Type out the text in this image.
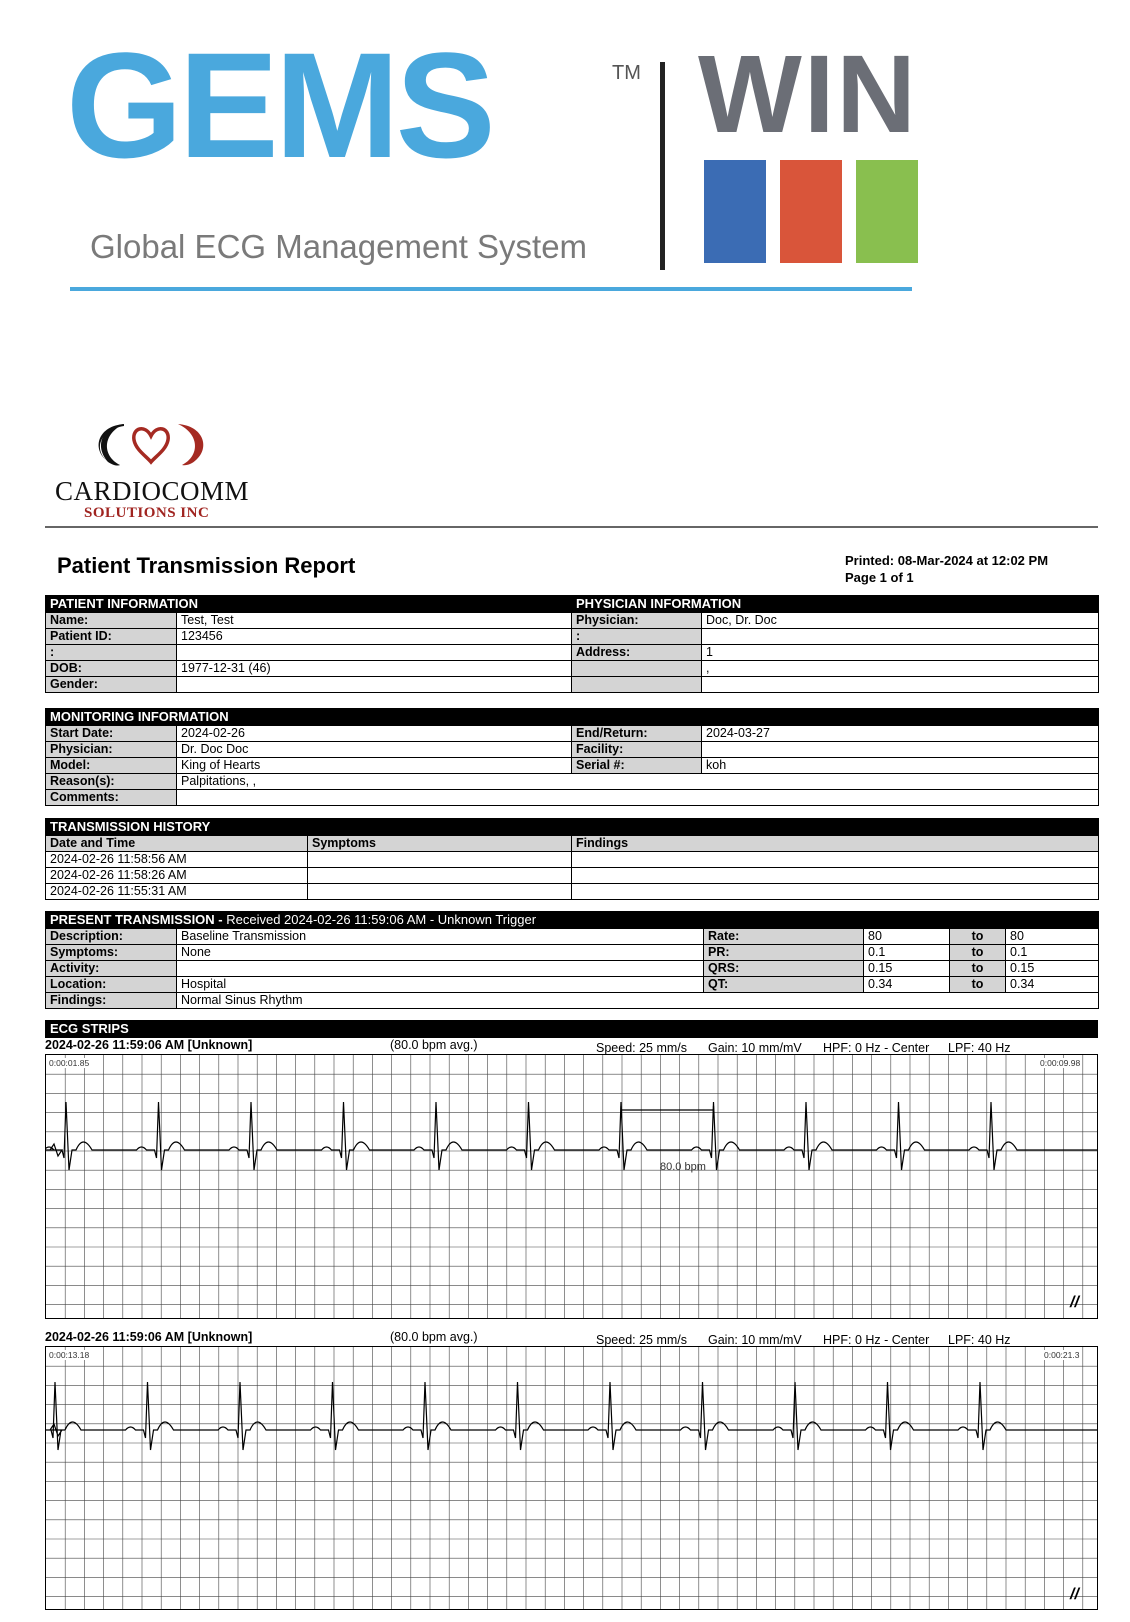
GEMS	TM
Global ECG Management System
WIN
CARDIOCOMM
SOLUTIONS INC
Patient Transmission Report	Printed: 08-Mar-2024 at 12:02 PM
Page 1 of 1
PATIENT INFORMATION		PHYSICIAN INFORMATION	
Name:	Test, Test	Physician:	Doc, Dr. Doc
Patient ID:	123456	:	
:		Address:	1
DOB:	1977-12-31 (46)		,
Gender:			
MONITORING INFORMATION			
Start Date:	2024-02-26	End/Return:	2024-03-27
Physician:	Dr. Doc Doc	Facility:	
Model:	King of Hearts	Serial #:	koh
Reason(s):	Palpitations, ,		
Comments:			
TRANSMISSION HISTORY		
Date and Time	Symptoms	Findings
2024-02-26 11:58:56 AM		
2024-02-26 11:58:26 AM		
2024-02-26 11:55:31 AM		
PRESENT TRANSMISSION - Received 2024-02-26 11:59:06 AM - Unknown Trigger					
Description:	Baseline Transmission	Rate:	80	to	80
Symptoms:	None	PR:	0.1	to	0.1
Activity:		QRS:	0.15	to	0.15
Location:	Hospital	QT:	0.34	to	0.34
Findings:	Normal Sinus Rhythm				
ECG STRIPS
2024-02-26 11:59:06 AM [Unknown]	(80.0 bpm avg.)	Speed: 25 mm/s Gain: 10 mm/mV HPF: 0 Hz - Center LPF: 40 Hz
0:00:01.85	0:00:09.98
80.0 bpm
//
2024-02-26 11:59:06 AM [Unknown]	(80.0 bpm avg.)	Speed: 25 mm/s Gain: 10 mm/mV HPF: 0 Hz - Center LPF: 40 Hz
0:00:13.18	0:00:21.3
//
